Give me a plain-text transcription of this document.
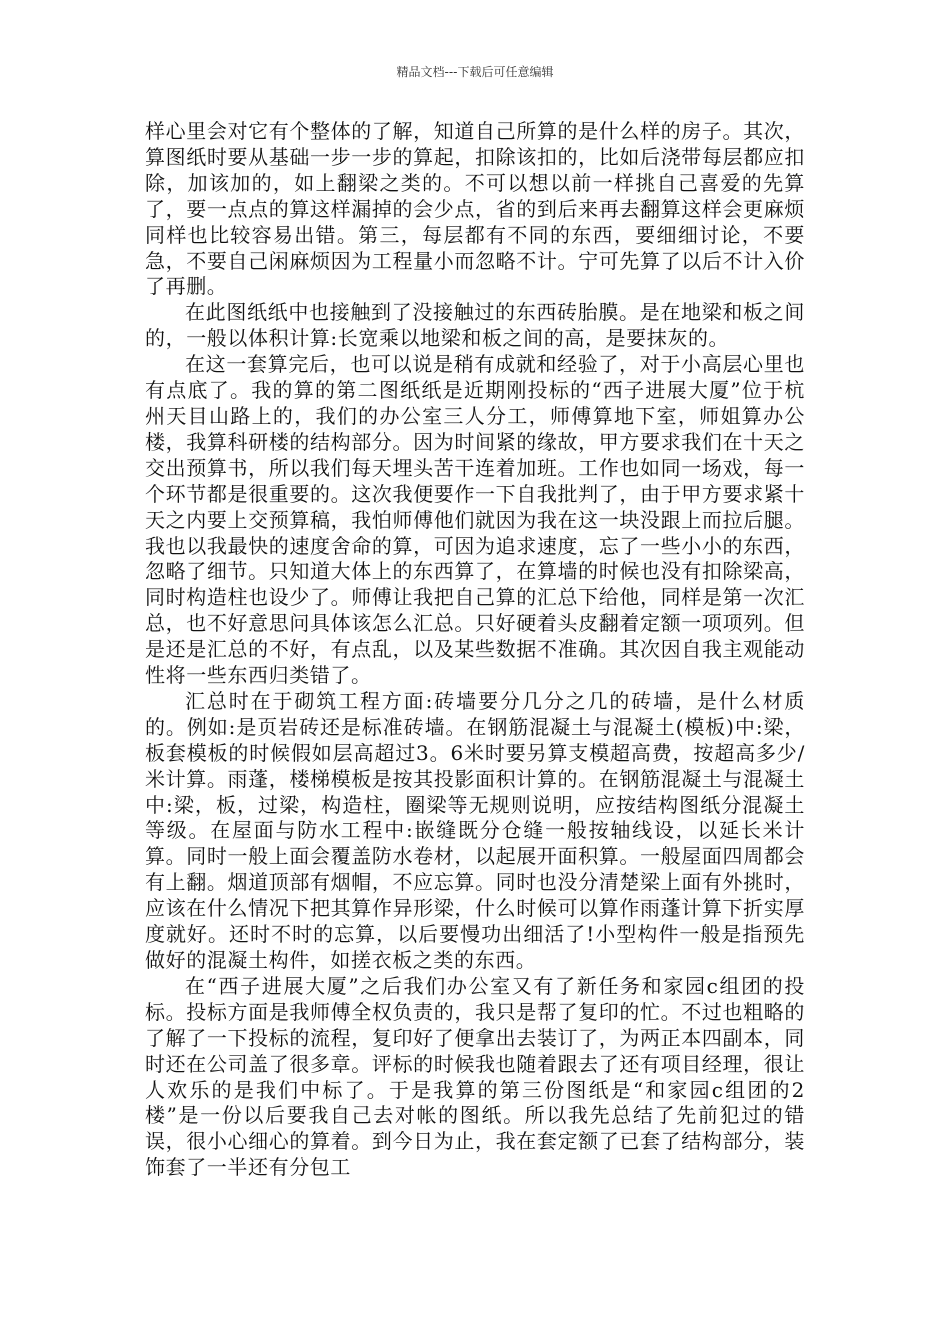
精品文档---下载后可任意编辑

样心里会对它有个整体的了解，知道自己所算的是什么样的房子。其次，算图纸时要从基础一步一步的算起，扣除该扣的，比如后浇带每层都应扣除，加该加的，如上翻梁之类的。不可以想以前一样挑自己喜爱的先算了，要一点点的算这样漏掉的会少点，省的到后来再去翻算这样会更麻烦同样也比较容易出错。第三，每层都有不同的东西，要细细讨论，不要急，不要自己闲麻烦因为工程量小而忽略不计。宁可先算了以后不计入价了再删。

在此图纸纸中也接触到了没接触过的东西砖胎膜。是在地梁和板之间的，一般以体积计算:长宽乘以地梁和板之间的高，是要抹灰的。

在这一套算完后，也可以说是稍有成就和经验了，对于小高层心里也有点底了。我的算的第二图纸纸是近期刚投标的“西子进展大厦”位于杭州天目山路上的，我们的办公室三人分工，师傅算地下室，师姐算办公楼，我算科研楼的结构部分。因为时间紧的缘故，甲方要求我们在十天之交出预算书，所以我们每天埋头苦干连着加班。工作也如同一场戏，每一个环节都是很重要的。这次我便要作一下自我批判了，由于甲方要求紧十天之内要上交预算稿，我怕师傅他们就因为我在这一块没跟上而拉后腿。我也以我最快的速度舍命的算，可因为追求速度，忘了一些小小的东西，忽略了细节。只知道大体上的东西算了，在算墙的时候也没有扣除梁高，同时构造柱也设少了。师傅让我把自己算的汇总下给他，同样是第一次汇总，也不好意思问具体该怎么汇总。只好硬着头皮翻着定额一项项列。但是还是汇总的不好，有点乱，以及某些数据不准确。其次因自我主观能动性将一些东西归类错了。

汇总时在于砌筑工程方面:砖墙要分几分之几的砖墙，是什么材质的。例如:是页岩砖还是标准砖墙。在钢筋混凝土与混凝土(模板)中:梁，板套模板的时候假如层高超过3。6米时要另算支模超高费，按超高多少/米计算。雨蓬，楼梯模板是按其投影面积计算的。在钢筋混凝土与混凝土中:梁，板，过梁，构造柱，圈梁等无规则说明，应按结构图纸分混凝土等级。在屋面与防水工程中:嵌缝既分仓缝一般按轴线设，以延长米计算。同时一般上面会覆盖防水卷材，以起展开面积算。一般屋面四周都会有上翻。烟道顶部有烟帽，不应忘算。同时也没分清楚梁上面有外挑时，应该在什么情况下把其算作异形梁，什么时候可以算作雨蓬计算下折实厚度就好。还时不时的忘算，以后要慢功出细活了!小型构件一般是指预先做好的混凝土构件，如搓衣板之类的东西。

在“西子进展大厦”之后我们办公室又有了新任务和家园c组团的投标。投标方面是我师傅全权负责的，我只是帮了复印的忙。不过也粗略的了解了一下投标的流程，复印好了便拿出去装订了，为两正本四副本，同时还在公司盖了很多章。评标的时候我也随着跟去了还有项目经理，很让人欢乐的是我们中标了。于是我算的第三份图纸是“和家园c组团的2楼”是一份以后要我自己去对帐的图纸。所以我先总结了先前犯过的错误，很小心细心的算着。到今日为止，我在套定额了已套了结构部分，装饰套了一半还有分包工
